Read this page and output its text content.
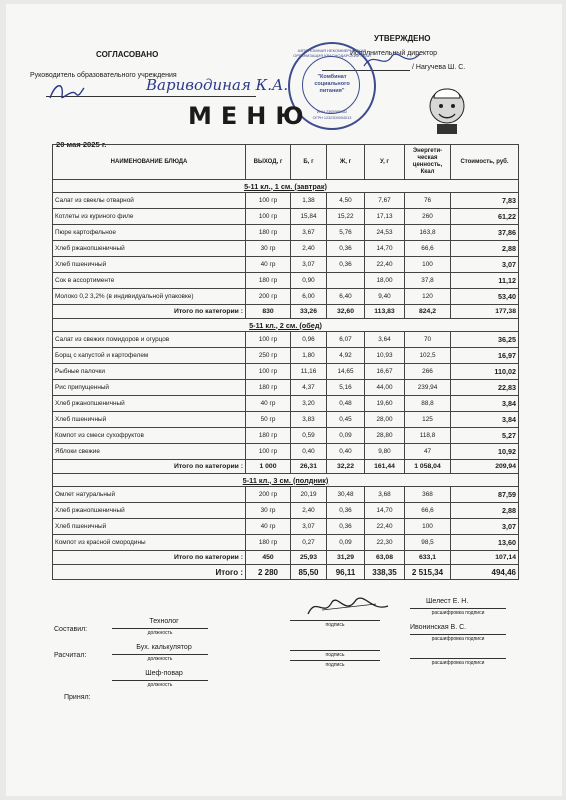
СОГЛАСОВАНО
Руководитель образовательного учреждения
Вариводиная К.А.
УТВЕРЖДЕНО
Исполнительный директор
/ Нагучева Ш. С.
АВТОНОМНАЯ НЕКОММЕРЧЕСКАЯ ОРГАНИЗАЦИЯ КРАСНОДАРСКИЙ КРАЙ
"Комбинат социального питания"
ИНН 2365980182
ОГРН 1232300004013
МЕНЮ
20 мая 2025 г.
НАИМЕНОВАНИЕ БЛЮДА	ВЫХОД, г	Б, г	Ж, г	У, г	Энергети-ческая ценность, Ккал	Стоимость, руб.
5-11 кл., 1 см. (завтрак)						
Салат из свеклы отварной	100 гр	1,38	4,50	7,67	76	7,83
Котлеты из куриного филе	100 гр	15,84	15,22	17,13	260	61,22
Пюре картофельное	180 гр	3,67	5,76	24,53	163,8	37,86
Хлеб ржанопшеничный	30 гр	2,40	0,36	14,70	66,6	2,88
Хлеб пшеничный	40 гр	3,07	0,36	22,40	100	3,07
Сок в ассортименте	180 гр	0,90		18,00	37,8	11,12
Молоко 0,2 3,2% (в индивидуальной упаковке)	200 гр	6,00	6,40	9,40	120	53,40
Итого по категории :	830	33,26	32,60	113,83	824,2	177,38
5-11 кл., 2 см. (обед)						
Салат из свежих помидоров и огурцов	100 гр	0,96	6,07	3,64	70	36,25
Борщ с капустой и картофелем	250 гр	1,80	4,92	10,93	102,5	16,97
Рыбные палочки	100 гр	11,16	14,65	16,67	266	110,02
Рис припущенный	180 гр	4,37	5,16	44,00	239,94	22,83
Хлеб ржанопшеничный	40 гр	3,20	0,48	19,60	88,8	3,84
Хлеб пшеничный	50 гр	3,83	0,45	28,00	125	3,84
Компот из смеси сухофруктов	180 гр	0,59	0,09	28,80	118,8	5,27
Яблоки свежие	100 гр	0,40	0,40	9,80	47	10,92
Итого по категории :	1 000	26,31	32,22	161,44	1 058,04	209,94
5-11 кл., 3 см. (полдник)						
Омлет натуральный	200 гр	20,19	30,48	3,68	368	87,59
Хлеб ржанопшеничный	30 гр	2,40	0,36	14,70	66,6	2,88
Хлеб пшеничный	40 гр	3,07	0,36	22,40	100	3,07
Компот из красной смородины	180 гр	0,27	0,09	22,30	98,5	13,60
Итого по категории :	450	25,93	31,29	63,08	633,1	107,14
Итого :	2 280	85,50	96,11	338,35	2 515,34	494,46
Составил:
Технолог
должность
подпись
Шелест Е. Н.
расшифровка подписи
Расчитал:
Бух. калькулятор
должность
подпись
Ивонинская В. С.
расшифровка подписи
Принял:
Шеф-повар
должность
подпись	расшифровка подписи
